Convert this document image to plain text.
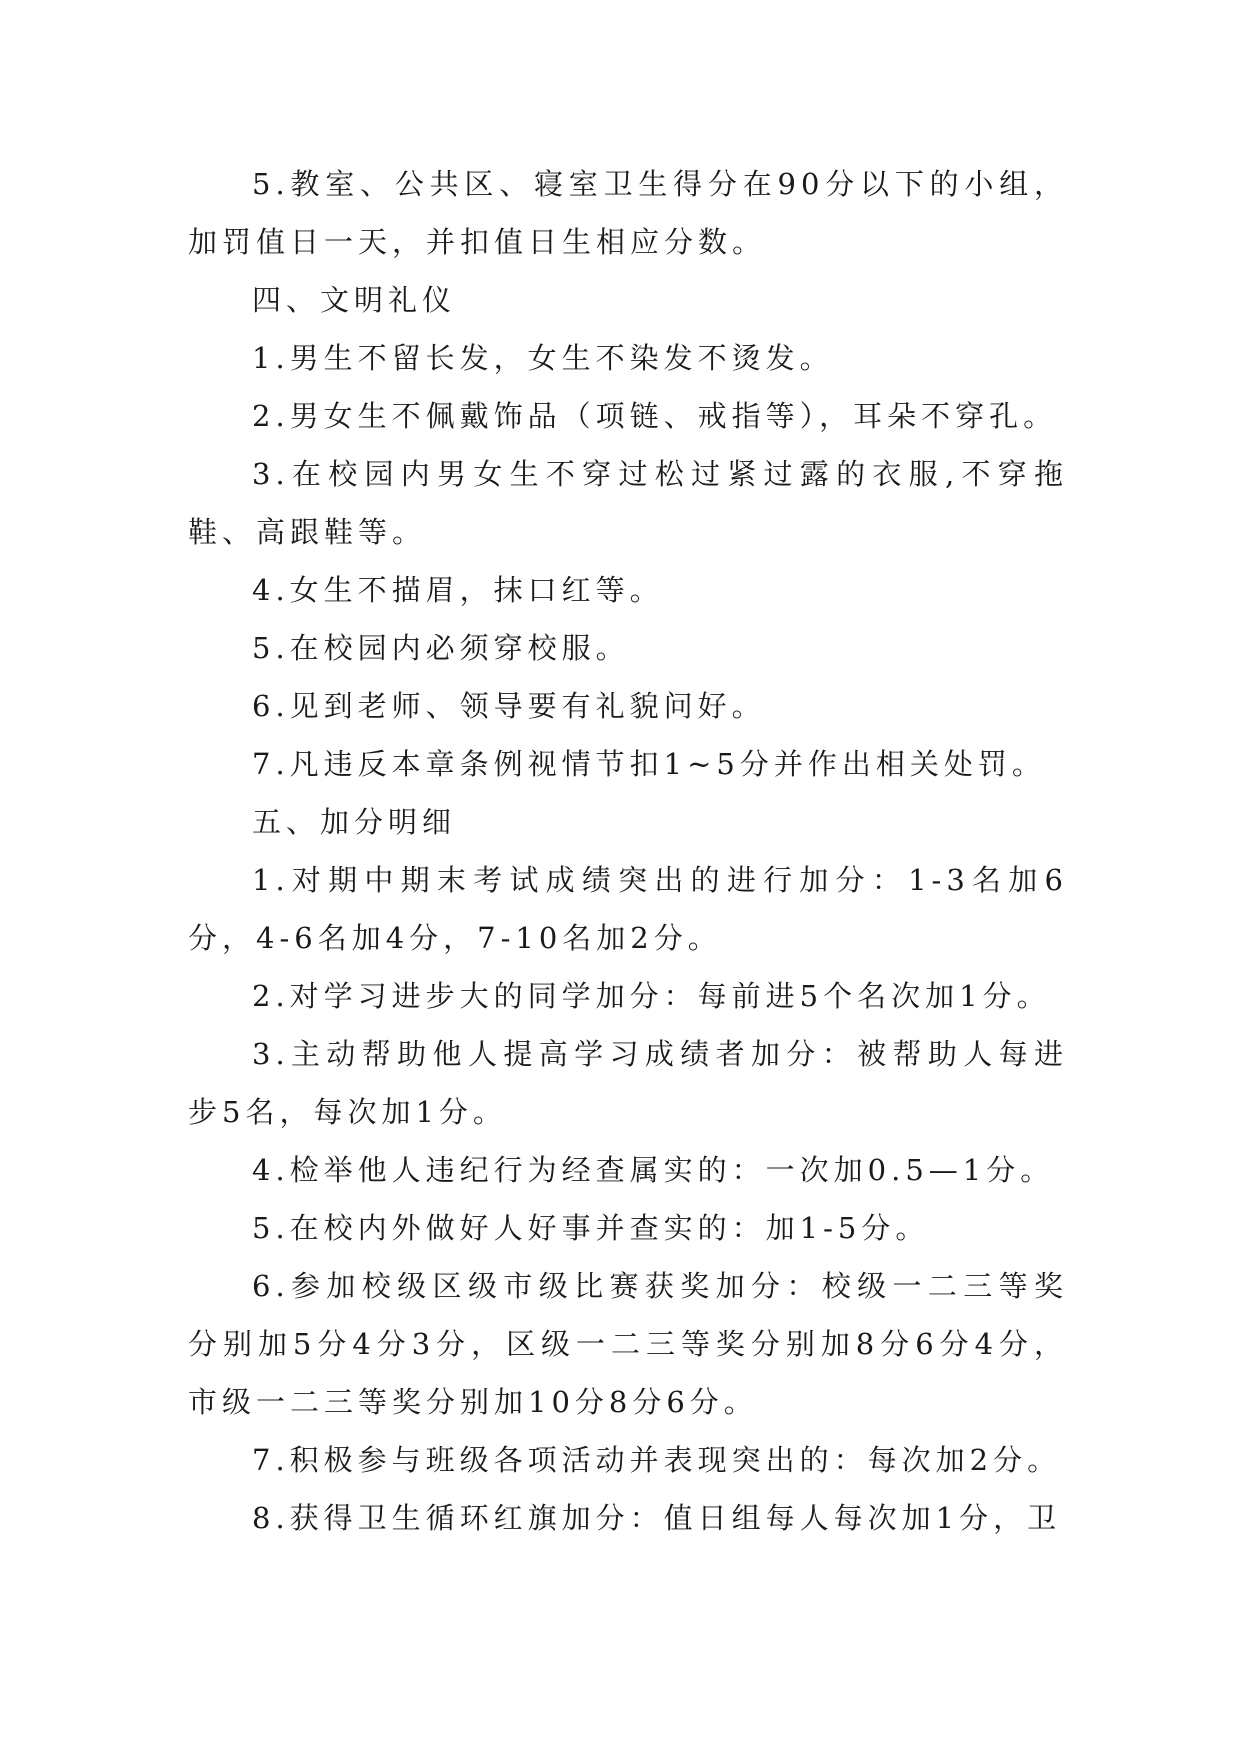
5.教室、公共区、寝室卫生得分在90分以下的小组，加罚值日一天，并扣值日生相应分数。

四、文明礼仪

1.男生不留长发，女生不染发不烫发。

2.男女生不佩戴饰品（项链、戒指等），耳朵不穿孔。

3.在校园内男女生不穿过松过紧过露的衣服,不穿拖鞋、高跟鞋等。

4.女生不描眉，抹口红等。

5.在校园内必须穿校服。

6.见到老师、领导要有礼貌问好。

7.凡违反本章条例视情节扣1~5分并作出相关处罚。

五、加分明细

1.对期中期末考试成绩突出的进行加分：1-3名加6分，4-6名加4分，7-10名加2分。

2.对学习进步大的同学加分：每前进5个名次加1分。

3.主动帮助他人提高学习成绩者加分：被帮助人每进步5名，每次加1分。

4.检举他人违纪行为经查属实的：一次加0.5—1分。

5.在校内外做好人好事并查实的：加1-5分。

6.参加校级区级市级比赛获奖加分：校级一二三等奖分别加5分4分3分，区级一二三等奖分别加8分6分4分，市级一二三等奖分别加10分8分6分。

7.积极参与班级各项活动并表现突出的：每次加2分。

8.获得卫生循环红旗加分：值日组每人每次加1分，卫
